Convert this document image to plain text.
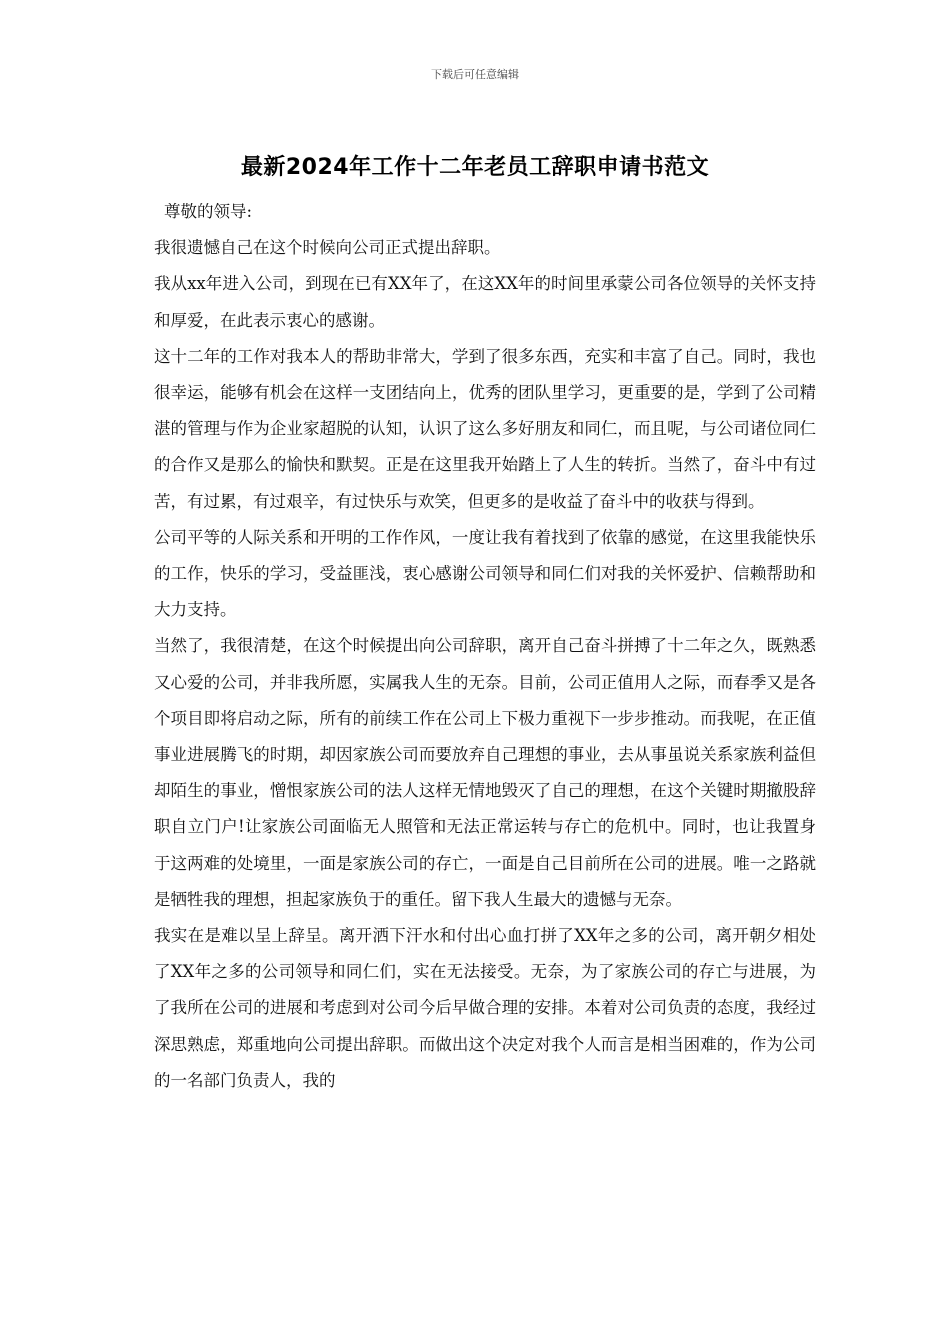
下载后可任意编辑
最新2024年工作十二年老员工辞职申请书范文

尊敬的领导:

我很遗憾自己在这个时候向公司正式提出辞职。

我从xx年进入公司，到现在已有XX年了，在这XX年的时间里承蒙公司各位领导的关怀支持和厚爱，在此表示衷心的感谢。

这十二年的工作对我本人的帮助非常大，学到了很多东西，充实和丰富了自己。同时，我也很幸运，能够有机会在这样一支团结向上，优秀的团队里学习，更重要的是，学到了公司精湛的管理与作为企业家超脱的认知，认识了这么多好朋友和同仁，而且呢，与公司诸位同仁的合作又是那么的愉快和默契。正是在这里我开始踏上了人生的转折。当然了，奋斗中有过苦，有过累，有过艰辛，有过快乐与欢笑，但更多的是收益了奋斗中的收获与得到。

公司平等的人际关系和开明的工作作风，一度让我有着找到了依靠的感觉，在这里我能快乐的工作，快乐的学习，受益匪浅，衷心感谢公司领导和同仁们对我的关怀爱护、信赖帮助和大力支持。

当然了，我很清楚，在这个时候提出向公司辞职，离开自己奋斗拼搏了十二年之久，既熟悉又心爱的公司，并非我所愿，实属我人生的无奈。目前，公司正值用人之际，而春季又是各个项目即将启动之际，所有的前续工作在公司上下极力重视下一步步推动。而我呢，在正值事业进展腾飞的时期，却因家族公司而要放弃自己理想的事业，去从事虽说关系家族利益但却陌生的事业，憎恨家族公司的法人这样无情地毁灭了自己的理想，在这个关键时期撤股辞职自立门户!让家族公司面临无人照管和无法正常运转与存亡的危机中。同时，也让我置身于这两难的处境里，一面是家族公司的存亡，一面是自己目前所在公司的进展。唯一之路就是牺牲我的理想，担起家族负于的重任。留下我人生最大的遗憾与无奈。

我实在是难以呈上辞呈。离开洒下汗水和付出心血打拼了XX年之多的公司，离开朝夕相处了XX年之多的公司领导和同仁们，实在无法接受。无奈，为了家族公司的存亡与进展，为了我所在公司的进展和考虑到对公司今后早做合理的安排。本着对公司负责的态度，我经过深思熟虑，郑重地向公司提出辞职。而做出这个决定对我个人而言是相当困难的，作为公司的一名部门负责人，我的
